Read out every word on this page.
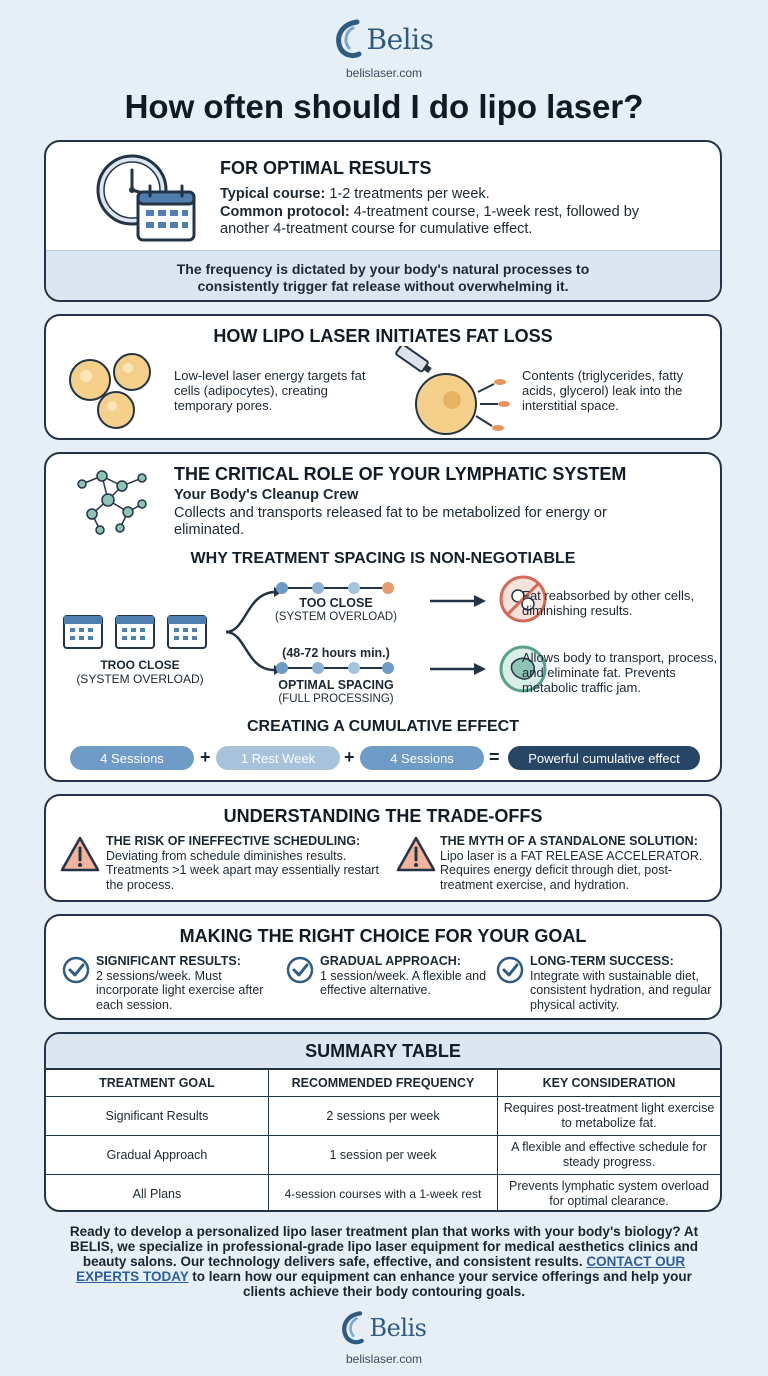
Belis
belislaser.com
How often should I do lipo laser?
FOR OPTIMAL RESULTS
Typical course: 1-2 treatments per week.
Common protocol: 4-treatment course, 1-week rest, followed by another 4-treatment course for cumulative effect.
The frequency is dictated by your body's natural processes to consistently trigger fat release without overwhelming it.
HOW LIPO LASER INITIATES FAT LOSS
Low-level laser energy targets fat cells (adipocytes), creating temporary pores.
Contents (triglycerides, fatty acids, glycerol) leak into the interstitial space.
THE CRITICAL ROLE OF YOUR LYMPHATIC SYSTEM
Your Body's Cleanup Crew
Collects and transports released fat to be metabolized for energy or eliminated.
WHY TREATMENT SPACING IS NON-NEGOTIABLE
TROO CLOSE
(SYSTEM OVERLOAD)
TOO CLOSE
(SYSTEM OVERLOAD)
Fat reabsorbed by other cells, diminishing results.
(48-72 hours min.)
OPTIMAL SPACING
(FULL PROCESSING)
Allows body to transport, process, and eliminate fat. Prevents metabolic traffic jam.
CREATING A CUMULATIVE EFFECT
4 Sessions	+	1 Rest Week	+	4 Sessions	=	Powerful cumulative effect
UNDERSTANDING THE TRADE-OFFS
THE RISK OF INEFFECTIVE SCHEDULING:
Deviating from schedule diminishes results. Treatments >1 week apart may essentially restart the process.
THE MYTH OF A STANDALONE SOLUTION:
Lipo laser is a FAT RELEASE ACCELERATOR. Requires energy deficit through diet, post-treatment exercise, and hydration.
MAKING THE RIGHT CHOICE FOR YOUR GOAL
SIGNIFICANT RESULTS:
2 sessions/week. Must incorporate light exercise after each session.
GRADUAL APPROACH:
1 session/week. A flexible and effective alternative.
LONG-TERM SUCCESS:
Integrate with sustainable diet, consistent hydration, and regular physical activity.
SUMMARY TABLE
TREATMENT GOAL	RECOMMENDED FREQUENCY	KEY CONSIDERATION
Significant Results	2 sessions per week	Requires post-treatment light exercise to metabolize fat.
Gradual Approach	1 session per week	A flexible and effective schedule for steady progress.
All Plans	4-session courses with a 1-week rest	Prevents lymphatic system overload for optimal clearance.
Ready to develop a personalized lipo laser treatment plan that works with your body's biology? At BELIS, we specialize in professional-grade lipo laser equipment for medical aesthetics clinics and beauty salons. Our technology delivers safe, effective, and consistent results. CONTACT OUR EXPERTS TODAY to learn how our equipment can enhance your service offerings and help your clients achieve their body contouring goals.
Belis
belislaser.com
